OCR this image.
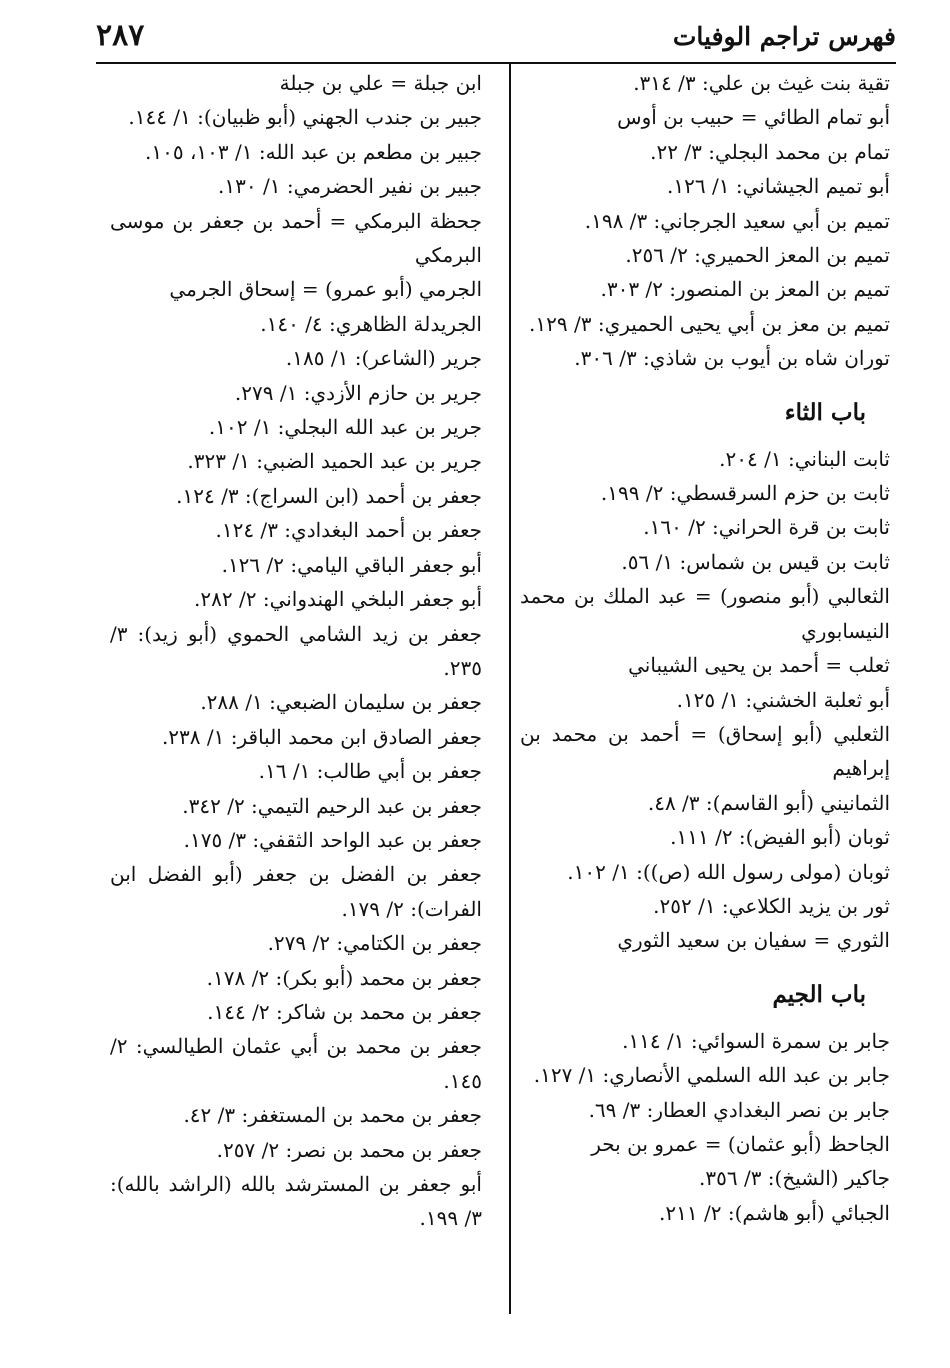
فهرس تراجم الوفيات
٢٨٧

تقية بنت غيث بن علي: ٣/ ٣١٤.

أبو تمام الطائي = حبيب بن أوس

تمام بن محمد البجلي: ٣/ ٢٢.

أبو تميم الجيشاني: ١/ ١٢٦.

تميم بن أبي سعيد الجرجاني: ٣/ ١٩٨.

تميم بن المعز الحميري: ٢/ ٢٥٦.

تميم بن المعز بن المنصور: ٢/ ٣٠٣.

تميم بن معز بن أبي يحيى الحميري: ٣/ ١٢٩.

توران شاه بن أيوب بن شاذي: ٣/ ٣٠٦.

باب الثاء

ثابت البناني: ١/ ٢٠٤.

ثابت بن حزم السرقسطي: ٢/ ١٩٩.

ثابت بن قرة الحراني: ٢/ ١٦٠.

ثابت بن قيس بن شماس: ١/ ٥٦.

الثعالبي (أبو منصور) = عبد الملك بن محمد النيسابوري

ثعلب = أحمد بن يحيى الشيباني

أبو ثعلبة الخشني: ١/ ١٢٥.

الثعلبي (أبو إسحاق) = أحمد بن محمد بن إبراهيم

الثمانيني (أبو القاسم): ٣/ ٤٨.

ثوبان (أبو الفيض): ٢/ ١١١.

ثوبان (مولى رسول الله (ص)): ١/ ١٠٢.

ثور بن يزيد الكلاعي: ١/ ٢٥٢.

الثوري = سفيان بن سعيد الثوري

باب الجيم

جابر بن سمرة السوائي: ١/ ١١٤.

جابر بن عبد الله السلمي الأنصاري: ١/ ١٢٧.

جابر بن نصر البغدادي العطار: ٣/ ٦٩.

الجاحظ (أبو عثمان) = عمرو بن بحر

جاكير (الشيخ): ٣/ ٣٥٦.

الجبائي (أبو هاشم): ٢/ ٢١١.

ابن جبلة = علي بن جبلة

جبير بن جندب الجهني (أبو ظبيان): ١/ ١٤٤.

جبير بن مطعم بن عبد الله: ١/ ١٠٣، ١٠٥.

جبير بن نفير الحضرمي: ١/ ١٣٠.

جحظة البرمكي = أحمد بن جعفر بن موسى البرمكي

الجرمي (أبو عمرو) = إسحاق الجرمي

الجريدلة الظاهري: ٤/ ١٤٠.

جرير (الشاعر): ١/ ١٨٥.

جرير بن حازم الأزدي: ١/ ٢٧٩.

جرير بن عبد الله البجلي: ١/ ١٠٢.

جرير بن عبد الحميد الضبي: ١/ ٣٢٣.

جعفر بن أحمد (ابن السراج): ٣/ ١٢٤.

جعفر بن أحمد البغدادي: ٣/ ١٢٤.

أبو جعفر الباقي اليامي: ٢/ ١٢٦.

أبو جعفر البلخي الهندواني: ٢/ ٢٨٢.

جعفر بن زيد الشامي الحموي (أبو زيد): ٣/ ٢٣٥.

جعفر بن سليمان الضبعي: ١/ ٢٨٨.

جعفر الصادق ابن محمد الباقر: ١/ ٢٣٨.

جعفر بن أبي طالب: ١/ ١٦.

جعفر بن عبد الرحيم التيمي: ٢/ ٣٤٢.

جعفر بن عبد الواحد الثقفي: ٣/ ١٧٥.

جعفر بن الفضل بن جعفر (أبو الفضل ابن الفرات): ٢/ ١٧٩.

جعفر بن الكتامي: ٢/ ٢٧٩.

جعفر بن محمد (أبو بكر): ٢/ ١٧٨.

جعفر بن محمد بن شاكر: ٢/ ١٤٤.

جعفر بن محمد بن أبي عثمان الطيالسي: ٢/ ١٤٥.

جعفر بن محمد بن المستغفر: ٣/ ٤٢.

جعفر بن محمد بن نصر: ٢/ ٢٥٧.

أبو جعفر بن المسترشد بالله (الراشد بالله): ٣/ ١٩٩.
